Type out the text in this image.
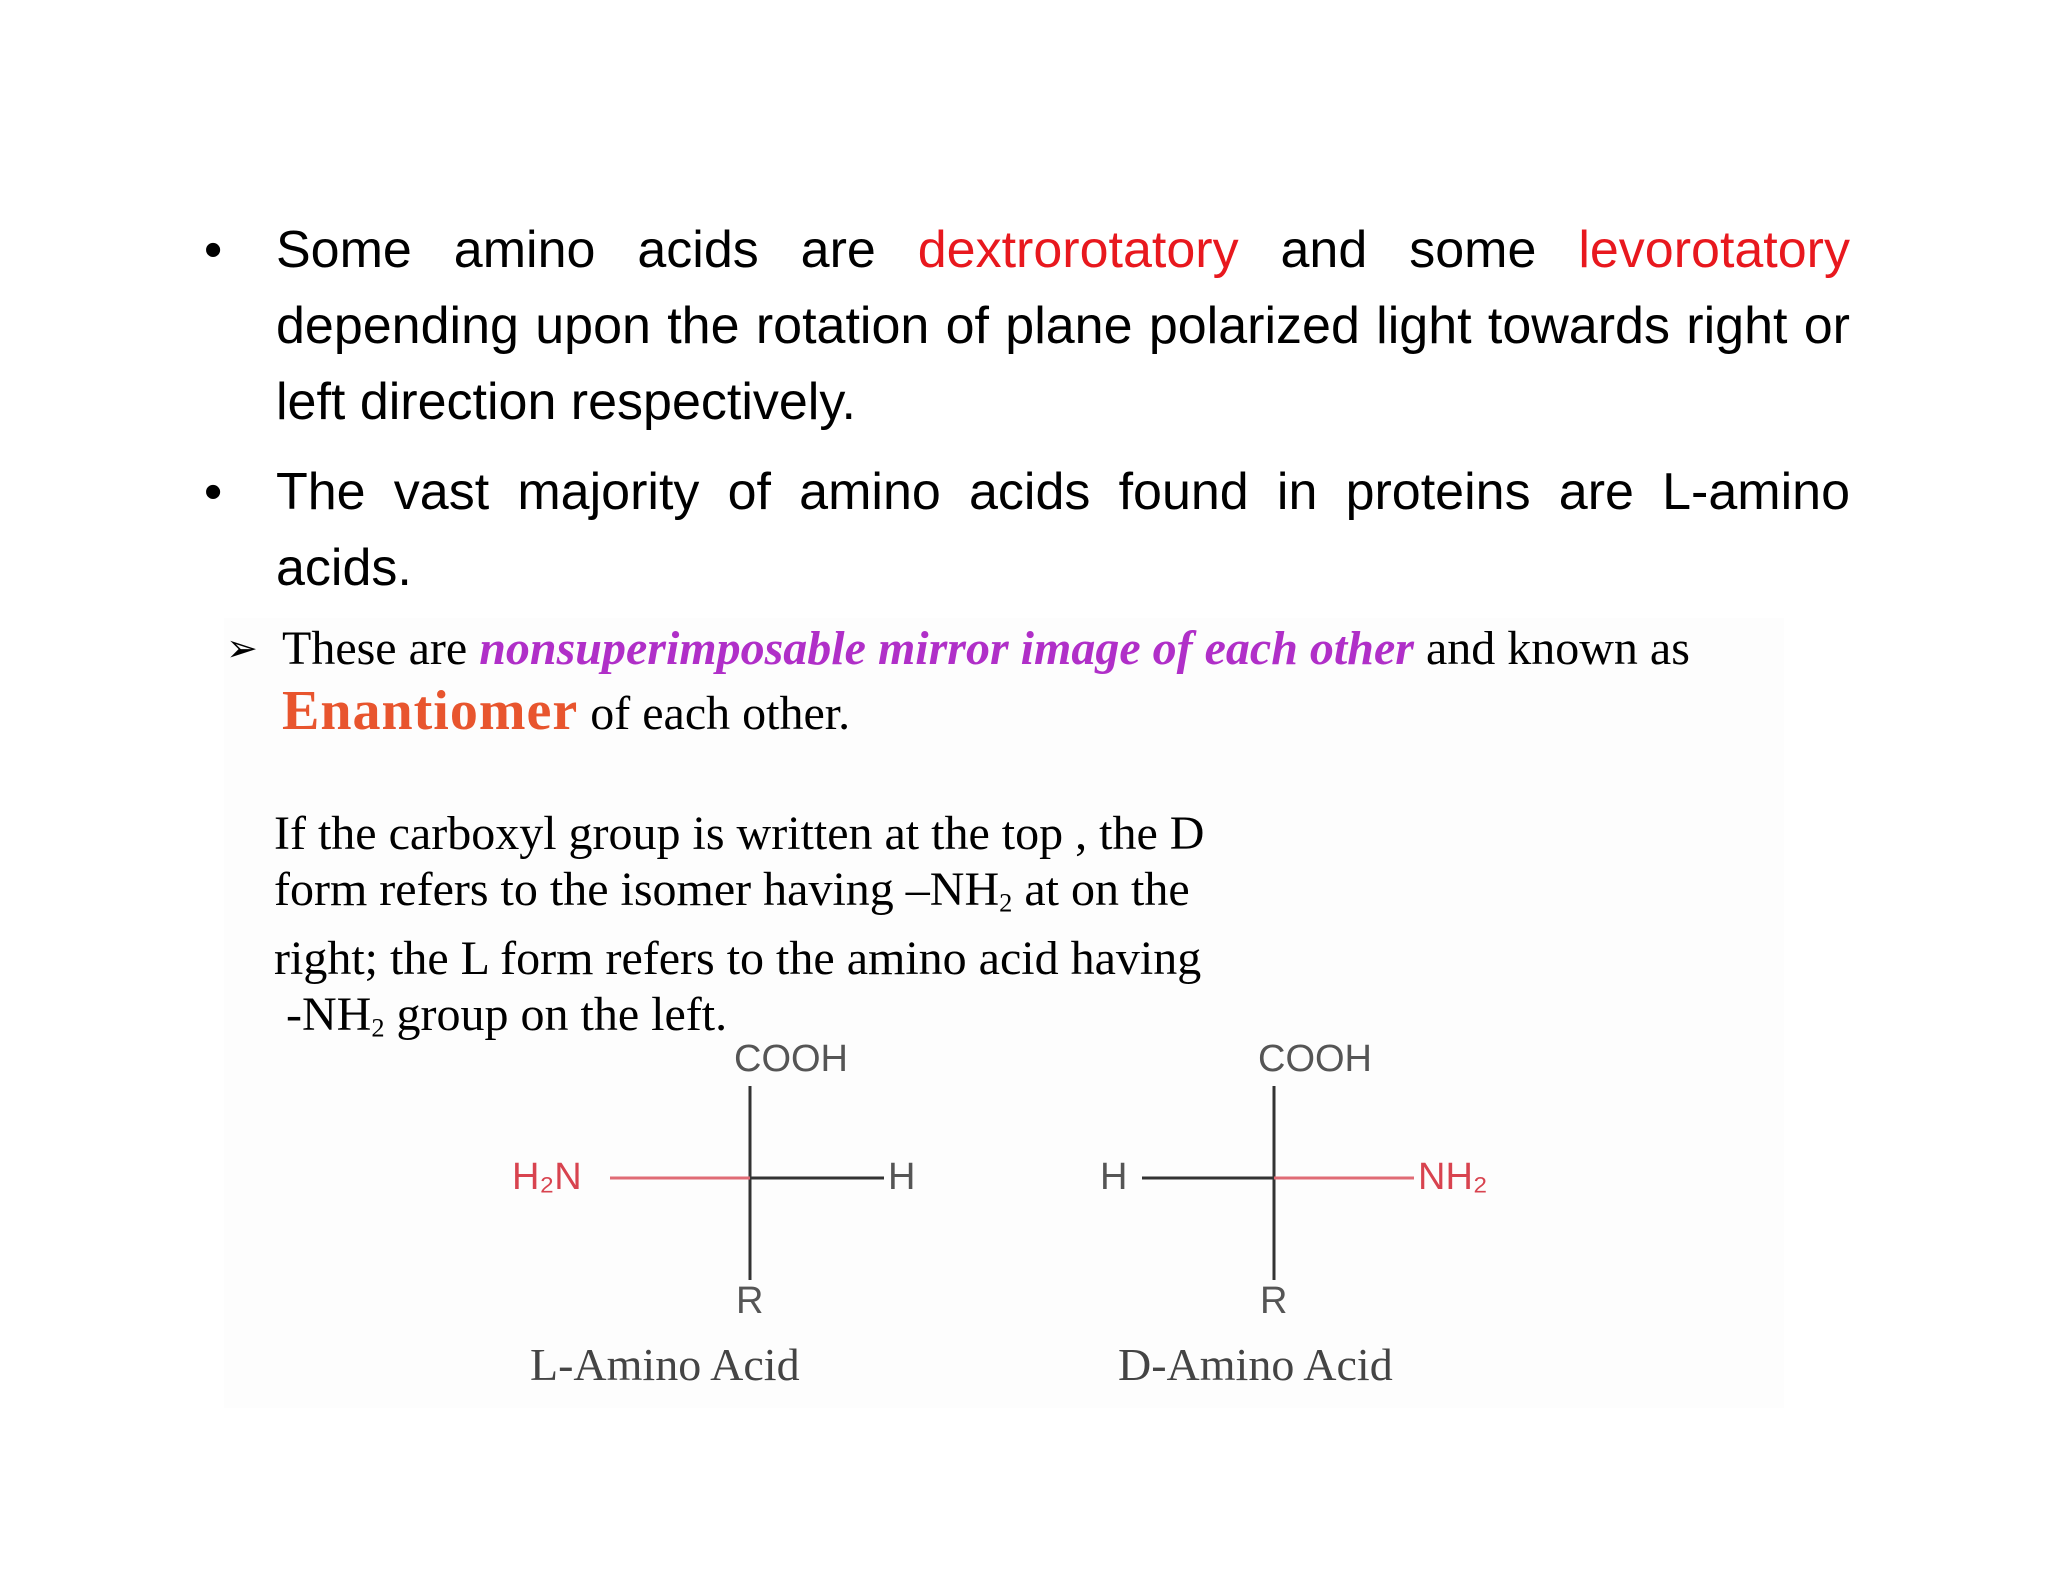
• Some amino acids are dextrorotatory and some levorotatory depending upon the rotation of plane polarized light towards right or left direction respectively.
• The vast majority of amino acids found in proteins are L-amino acids.
➢ These are nonsuperimposable mirror image of each other and known as Enantiomer of each other.
If the carboxyl group is written at the top , the D
form refers to the isomer having $-NH_2$ at on the
right; the L form refers to the amino acid having
$-NH_2$ group on the left.
COOH
H₂N	H
R
L-Amino Acid
COOH
H	NH₂
R
D-Amino Acid
